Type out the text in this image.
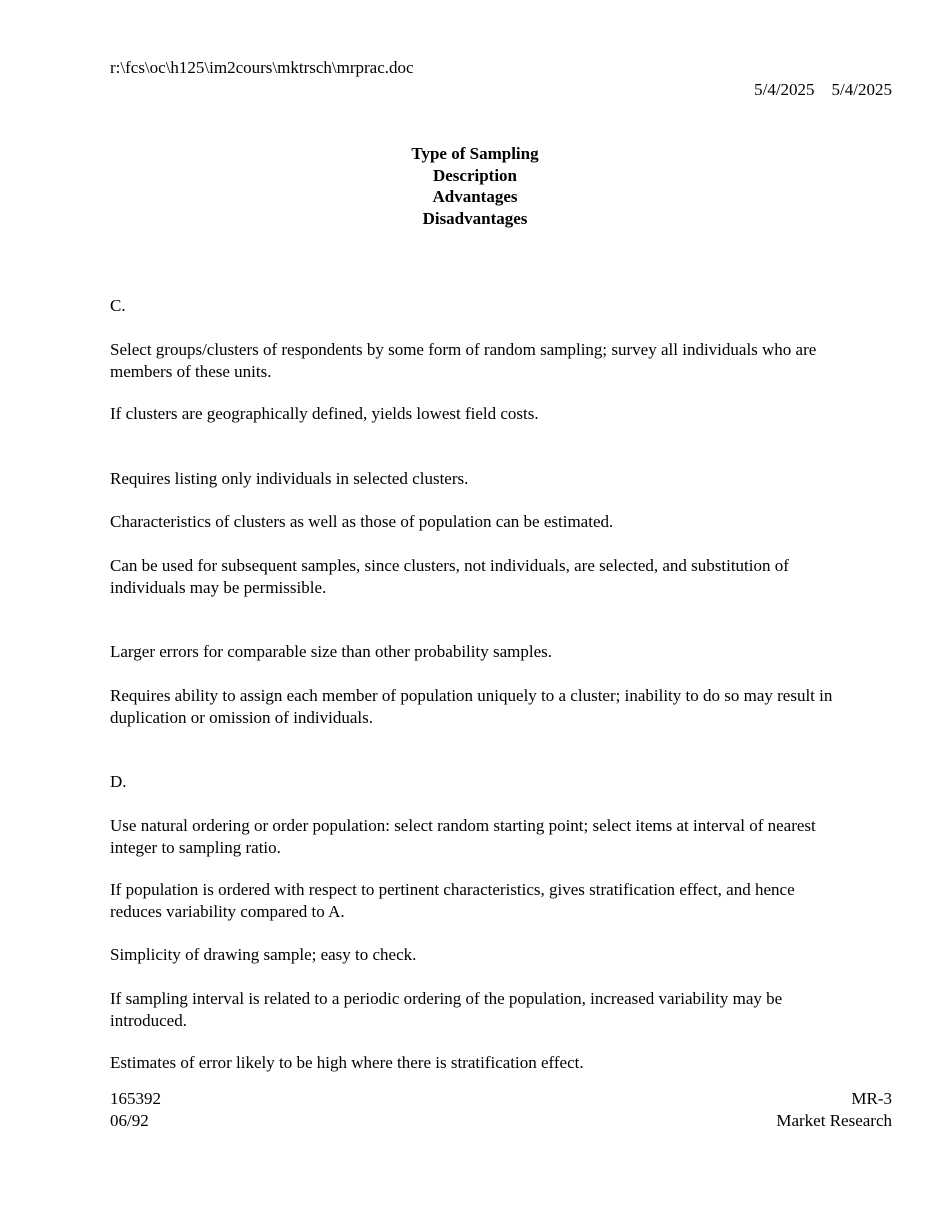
r:\fcs\oc\h125\im2cours\mktrsch\mrprac.doc
5/4/2025 5/4/2025
Type of Sampling
Description
Advantages
Disadvantages
C.
Select groups/clusters of respondents by some form of random sampling; survey all individuals who are members of these units.
If clusters are geographically defined, yields lowest field costs.
Requires listing only individuals in selected clusters.
Characteristics of clusters as well as those of population can be estimated.
Can be used for subsequent samples, since clusters, not individuals, are selected, and substitution of individuals may be permissible.
Larger errors for comparable size than other probability samples.
Requires ability to assign each member of population uniquely to a cluster; inability to do so may result in duplication or omission of individuals.
D.
Use natural ordering or order population: select random starting point; select items at interval of nearest integer to sampling ratio.
If population is ordered with respect to pertinent characteristics, gives stratification effect, and hence reduces variability compared to A.
Simplicity of drawing sample; easy to check.
If sampling interval is related to a periodic ordering of the population, increased variability may be introduced.
Estimates of error likely to be high where there is stratification effect.
165392
06/92
MR-3
Market Research
